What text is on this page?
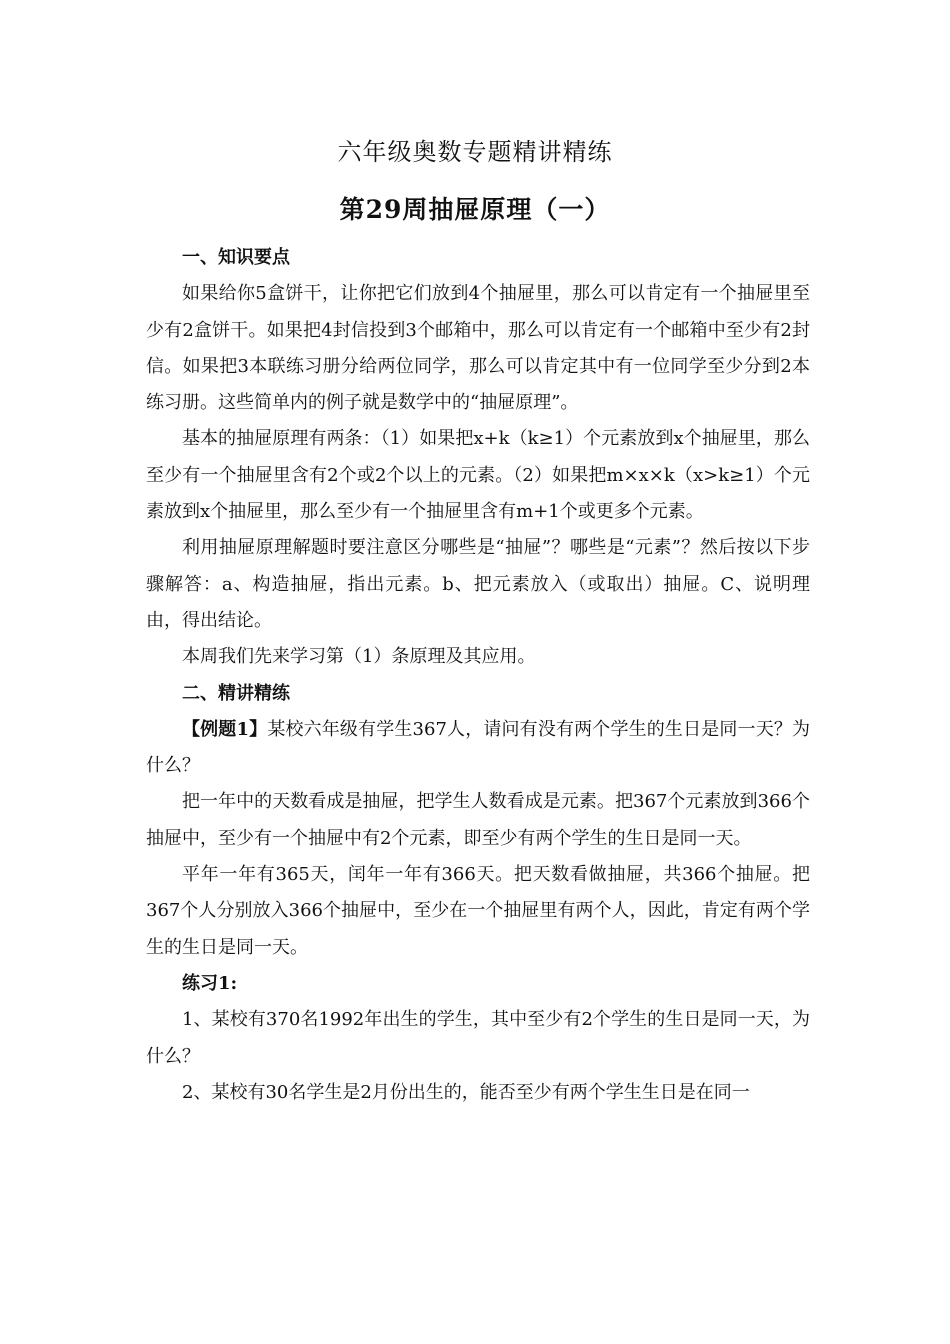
六年级奥数专题精讲精练
第29周抽屉原理（一）

一、知识要点

如果给你5盒饼干，让你把它们放到4个抽屉里，那么可以肯定有一个抽屉里至少有2盒饼干。如果把4封信投到3个邮箱中，那么可以肯定有一个邮箱中至少有2封信。如果把3本联练习册分给两位同学，那么可以肯定其中有一位同学至少分到2本练习册。这些简单内的例子就是数学中的“抽屉原理”。

基本的抽屉原理有两条：（1）如果把x+k（k≥1）个元素放到x个抽屉里，那么至少有一个抽屉里含有2个或2个以上的元素。（2）如果把m×x×k（x>k≥1）个元素放到x个抽屉里，那么至少有一个抽屉里含有m+1个或更多个元素。

利用抽屉原理解题时要注意区分哪些是“抽屉”？哪些是“元素”？然后按以下步骤解答：a、构造抽屉，指出元素。b、把元素放入（或取出）抽屉。C、说明理由，得出结论。

本周我们先来学习第（1）条原理及其应用。

二、精讲精练

【例题1】某校六年级有学生367人，请问有没有两个学生的生日是同一天？为什么？

把一年中的天数看成是抽屉，把学生人数看成是元素。把367个元素放到366个抽屉中，至少有一个抽屉中有2个元素，即至少有两个学生的生日是同一天。

平年一年有365天，闰年一年有366天。把天数看做抽屉，共366个抽屉。把367个人分别放入366个抽屉中，至少在一个抽屉里有两个人，因此，肯定有两个学生的生日是同一天。

练习1:

1、某校有370名1992年出生的学生，其中至少有2个学生的生日是同一天，为什么？

2、某校有30名学生是2月份出生的，能否至少有两个学生生日是在同一
